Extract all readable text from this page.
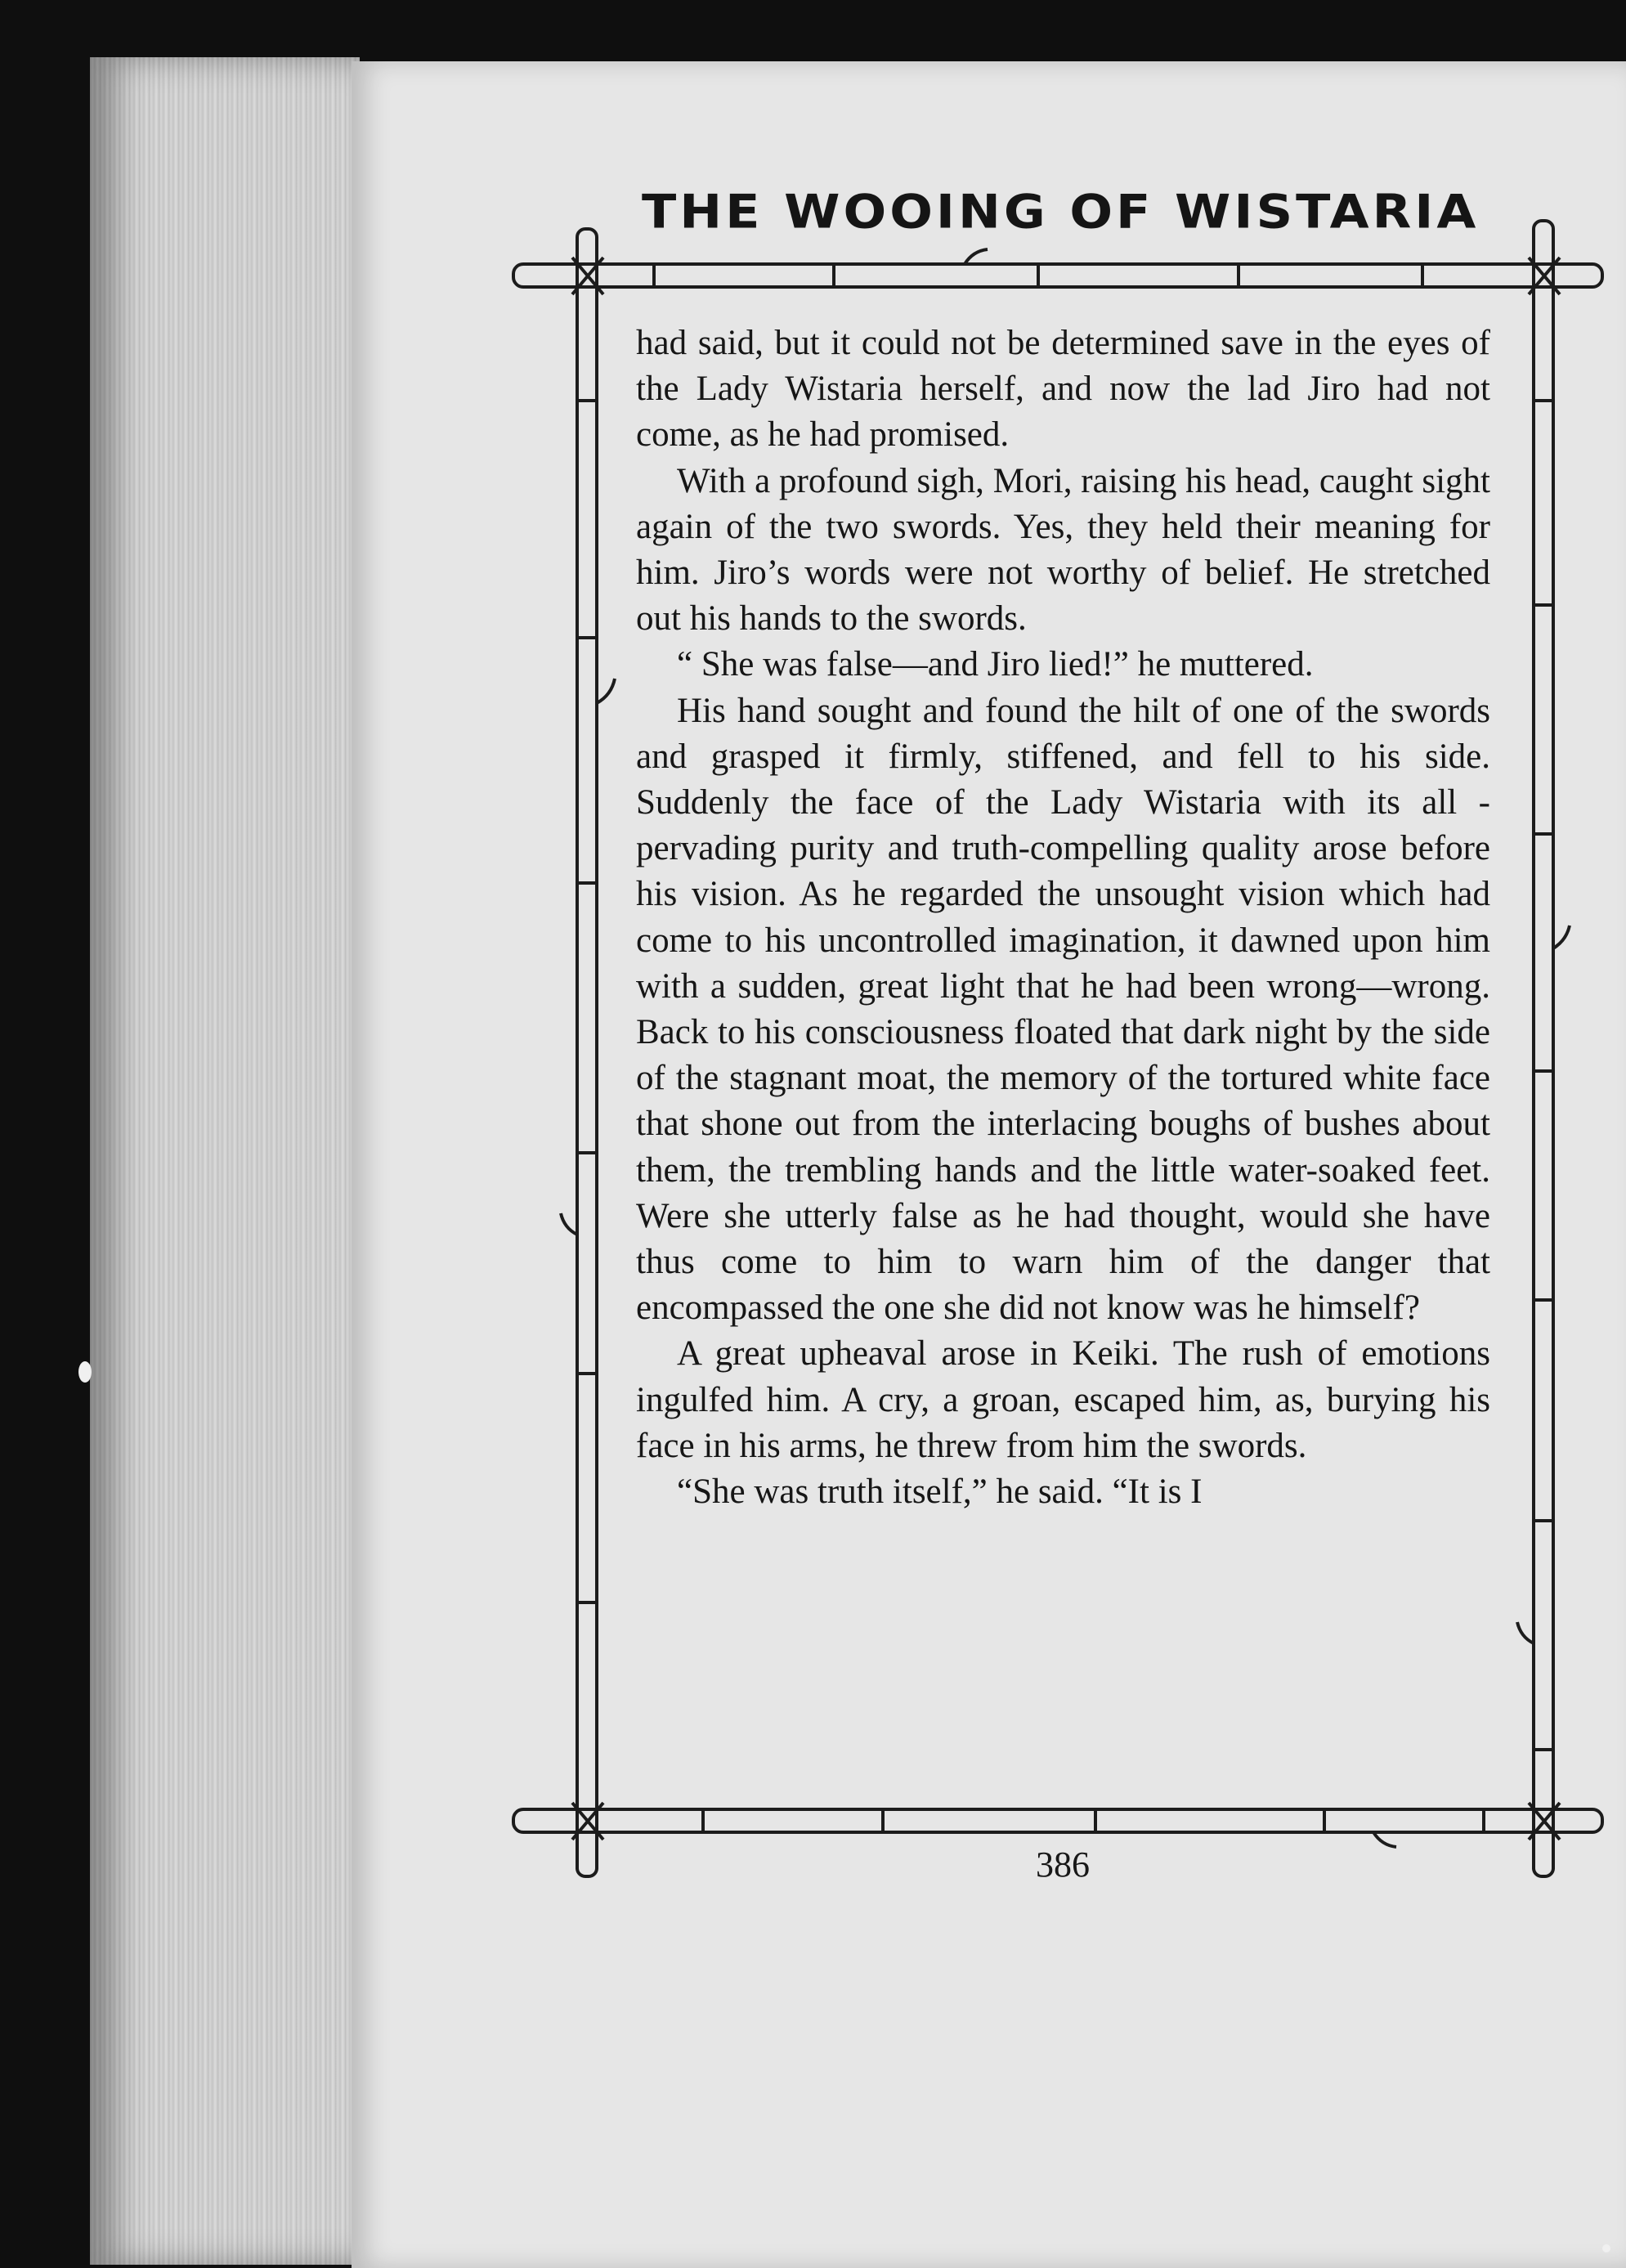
THE WOOING OF WISTARIA

had said, but it could not be determined save in the eyes of the Lady Wistaria herself, and now the lad Jiro had not come, as he had promised.

With a profound sigh, Mori, raising his head, caught sight again of the two swords. Yes, they held their meaning for him. Jiro’s words were not worthy of belief. He stretched out his hands to the swords.

“ She was false—and Jiro lied!” he muttered.

His hand sought and found the hilt of one of the swords and grasped it firmly, stiffened, and fell to his side. Suddenly the face of the Lady Wistaria with its all - pervading purity and truth-compelling quality arose before his vision. As he regarded the unsought vision which had come to his uncontrolled imagination, it dawned upon him with a sudden, great light that he had been wrong—wrong. Back to his consciousness floated that dark night by the side of the stagnant moat, the memory of the tortured white face that shone out from the interlacing boughs of bushes about them, the trembling hands and the little water-soaked feet. Were she utterly false as he had thought, would she have thus come to him to warn him of the danger that encompassed the one she did not know was he himself?

A great upheaval arose in Keiki. The rush of emotions ingulfed him. A cry, a groan, escaped him, as, burying his face in his arms, he threw from him the swords.

“She was truth itself,” he said. “It is I

386
